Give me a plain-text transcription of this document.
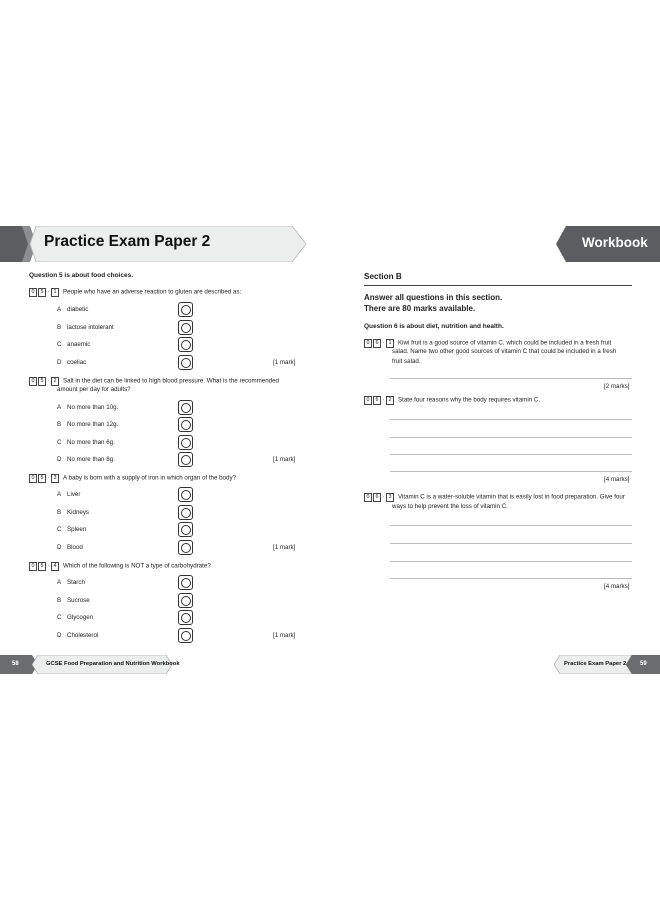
Practice Exam Paper 2	Workbook
Question 5 is about food choices.
0 5 · 1 People who have an adverse reaction to gluten are described as:
A diabetic
B lactose intolerant
C anaemic
D coeliac	[1 mark]
0 5 · 2 Salt in the diet can be linked to high blood pressure. What is the recommended
amount per day for adults?
A No more than 10g.
B No more than 12g.
C No more than 6g.
D No more than 8g.	[1 mark]
0 5 · 3 A baby is born with a supply of iron in which organ of the body?
A Liver
B Kidneys
C Spleen
D Blood	[1 mark]
0 5 · 4 Which of the following is NOT a type of carbohydrate?
A Starch
B Sucrose
C Glycogen
D Cholesterol	[1 mark]
58	GCSE Food Preparation and Nutrition Workbook
Section B
Answer all questions in this section.
There are 80 marks available.
Question 6 is about diet, nutrition and health.
0 6 · 1 Kiwi fruit is a good source of vitamin C, which could be included in a fresh fruit
salad. Name two other good sources of vitamin C that could be included in a fresh
fruit salad.
[2 marks]
0 6 · 2 State four reasons why the body requires vitamin C.
[4 marks]
0 6 · 3 Vitamin C is a water-soluble vitamin that is easily lost in food preparation. Give four
ways to help prevent the loss of vitamin C.
[4 marks]
Practice Exam Paper 2 59
